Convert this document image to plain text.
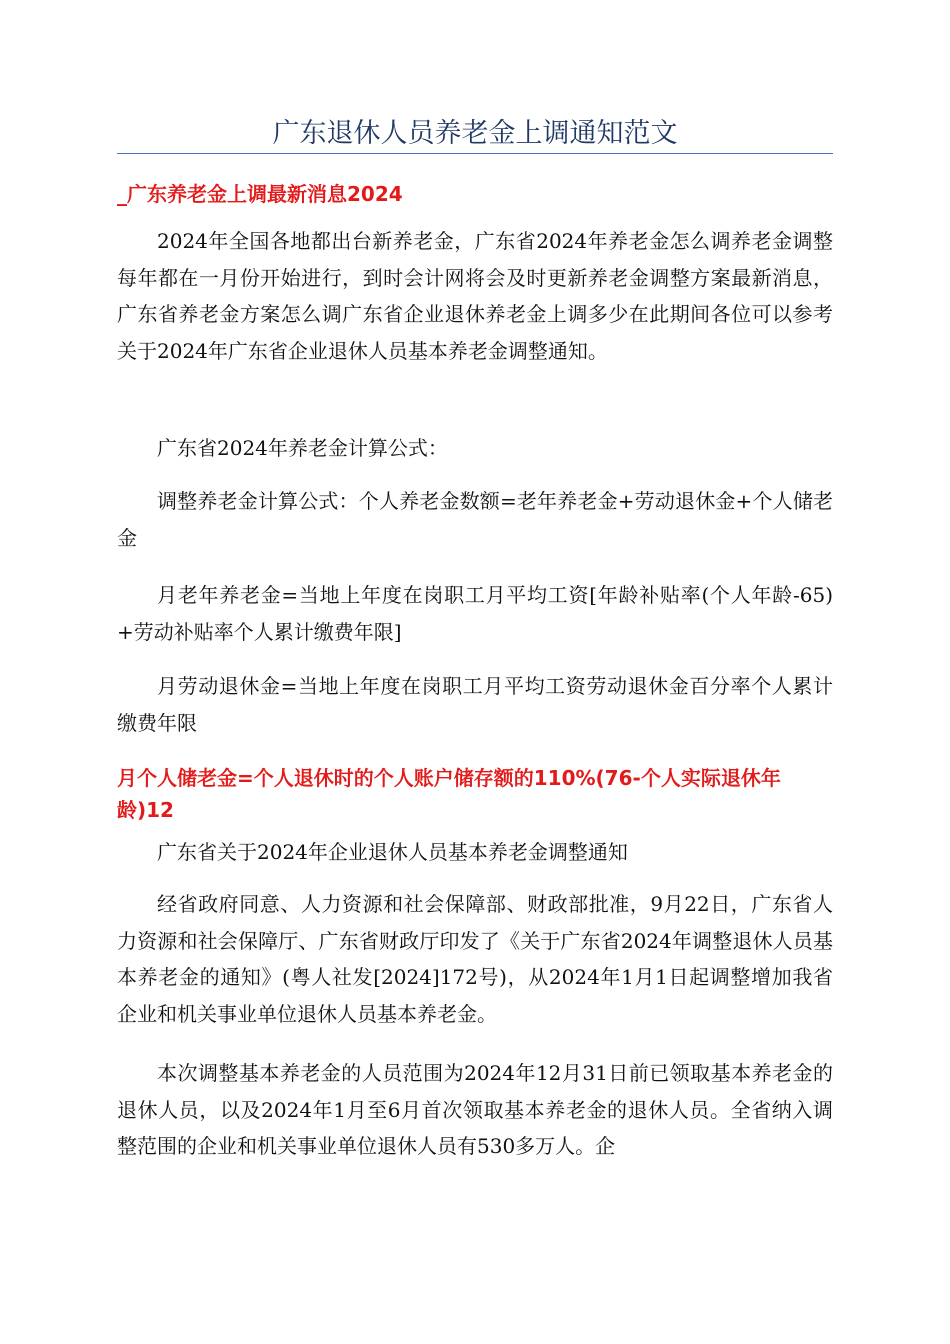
广东退休人员养老金上调通知范文
_广东养老金上调最新消息2024

2024年全国各地都出台新养老金，广东省2024年养老金怎么调养老金调整每年都在一月份开始进行，到时会计网将会及时更新养老金调整方案最新消息，广东省养老金方案怎么调广东省企业退休养老金上调多少在此期间各位可以参考关于2024年广东省企业退休人员基本养老金调整通知。

广东省2024年养老金计算公式：

调整养老金计算公式：个人养老金数额=老年养老金+劳动退休金+个人储老金

月老年养老金=当地上年度在岗职工月平均工资[年龄补贴率(个人年龄-65)+劳动补贴率个人累计缴费年限]

月劳动退休金=当地上年度在岗职工月平均工资劳动退休金百分率个人累计缴费年限

月个人储老金=个人退休时的个人账户储存额的110%(76-个人实际退休年龄)12

广东省关于2024年企业退休人员基本养老金调整通知

经省政府同意、人力资源和社会保障部、财政部批准，9月22日，广东省人力资源和社会保障厅、广东省财政厅印发了《关于广东省2024年调整退休人员基本养老金的通知》(粤人社发[2024]172号)，从2024年1月1日起调整增加我省企业和机关事业单位退休人员基本养老金。

本次调整基本养老金的人员范围为2024年12月31日前已领取基本养老金的退休人员，以及2024年1月至6月首次领取基本养老金的退休人员。全省纳入调整范围的企业和机关事业单位退休人员有530多万人。企
